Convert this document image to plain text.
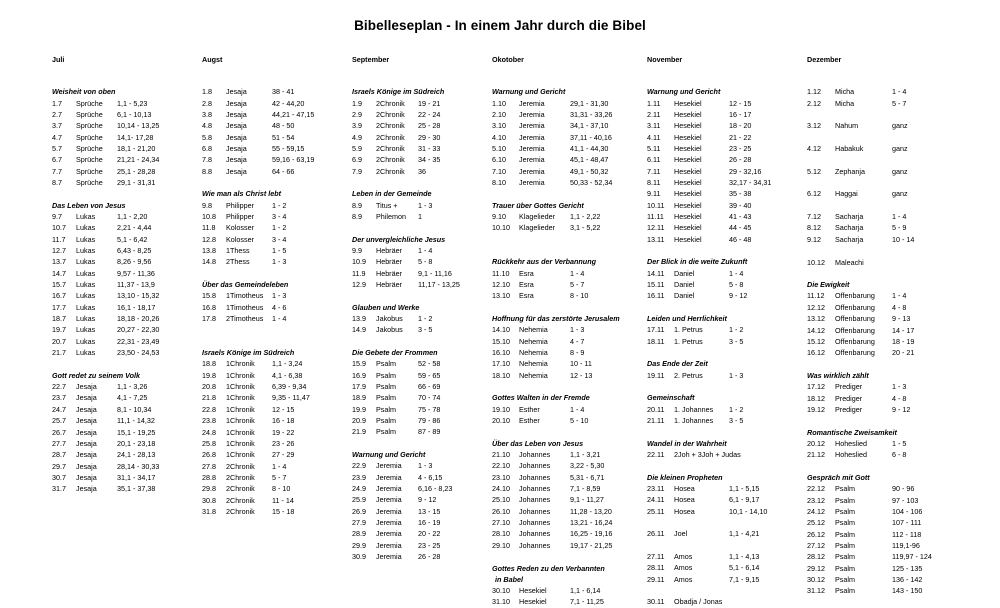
Bibelleseplan - In einem Jahr durch die Bibel
Juli
Weisheit von oben
1.7	Sprüche	1,1 - 5,23
2.7	Sprüche	6,1 - 10,13
3.7	Sprüche	10,14 - 13,25
4.7	Sprüche	14,1- 17,28
5.7	Sprüche	18,1 - 21,20
6.7	Sprüche	21,21 - 24,34
7.7	Sprüche	25,1 - 28,28
8.7	Sprüche	29,1 - 31,31
Das Leben von Jesus
9.7	Lukas	1,1 - 2,20
10.7	Lukas	2,21 - 4,44
11.7	Lukas	5,1 - 6,42
12.7	Lukas	6,43 - 8,25
13.7	Lukas	8,26 - 9,56
14.7	Lukas	9,57 - 11,36
15.7	Lukas	11,37 - 13,9
16.7	Lukas	13,10 - 15,32
17.7	Lukas	16,1 - 18,17
18.7	Lukas	18,18 - 20,26
19.7	Lukas	20,27 - 22,30
20.7	Lukas	22,31 - 23,49
21.7	Lukas	23,50 - 24,53
Gott redet zu seinem Volk
22.7	Jesaja	1,1 - 3,26
23.7	Jesaja	4,1 - 7,25
24.7	Jesaja	8,1 - 10,34
25.7	Jesaja	11,1 - 14,32
26.7	Jesaja	15,1 - 19,25
27.7	Jesaja	20,1 - 23,18
28.7	Jesaja	24,1 - 28,13
29.7	Jesaja	28,14 - 30,33
30.7	Jesaja	31,1 - 34,17
31.7	Jesaja	35,1 - 37,38
Augst
1.8	Jesaja	38 - 41
2.8	Jesaja	42 - 44,20
3.8	Jesaja	44,21 - 47,15
4.8	Jesaja	48 - 50
5.8	Jesaja	51 - 54
6.8	Jesaja	55 - 59,15
7.8	Jesaja	59,16 - 63,19
8.8	Jesaja	64 - 66
Wie man als Christ lebt
9.8	Philipper	1 - 2
10.8	Philipper	3 - 4
11.8	Kolosser	1 - 2
12.8	Kolosser	3 - 4
13.8	1Thess	1 - 5
14.8	2Thess	1 - 3
Über das Gemeindeleben
15.8	1Timotheus	1 - 3
16.8	1Timotheus	4 - 6
17.8	2Timotheus	1 - 4
Israels Könige im Südreich
18.8	1Chronik	1,1 - 3,24
19.8	1Chronik	4,1 - 6,38
20.8	1Chronik	6,39 - 9,34
21.8	1Chronik	9,35 - 11,47
22.8	1Chronik	12 - 15
23.8	1Chronik	16 - 18
24.8	1Chronik	19 - 22
25.8	1Chronik	23 - 26
26.8	1Chronik	27 - 29
27.8	2Chronik	1 - 4
28.8	2Chronik	5 - 7
29.8	2Chronik	8 - 10
30.8	2Chronik	11 - 14
31.8	2Chronik	15 - 18
September
Israels Könige im Südreich
1.9	2Chronik	19 - 21
2.9	2Chronik	22 - 24
3.9	2Chronik	25 - 28
4.9	2Chronik	29 - 30
5.9	2Chronik	31 - 33
6.9	2Chronik	34 - 35
7.9	2Chronik	36
Leben in der Gemeinde
8.9	Titus +	1 - 3
8.9	Philemon	1
Der unvergleichliche Jesus
9.9	Hebräer	1 - 4
10.9	Hebräer	5 - 8
11.9	Hebräer	9,1 - 11,16
12.9	Hebräer	11,17 - 13,25
Glauben und Werke
13.9	Jakobus	1 - 2
14.9	Jakobus	3 - 5
Die Gebete der Frommen
15.9	Psalm	52 - 58
16.9	Psalm	59 - 65
17.9	Psalm	66 - 69
18.9	Psalm	70 - 74
19.9	Psalm	75 - 78
20.9	Psalm	79 - 86
21.9	Psalm	87 - 89
Warnung und Gericht
22.9	Jeremia	1 - 3
23.9	Jeremia	4 - 6,15
24.9	Jeremia	6,16 - 8,23
25.9	Jeremia	9 - 12
26.9	Jeremia	13 - 15
27.9	Jeremia	16 - 19
28.9	Jeremia	20 - 22
29.9	Jeremia	23 - 25
30.9	Jeremia	26 - 28
Okotober
Warnung und Gericht
1.10	Jeremia	29,1 - 31,30
2.10	Jeremia	31,31 - 33,26
3.10	Jeremia	34,1 - 37,10
4.10	Jeremia	37,11 - 40,16
5.10	Jeremia	41,1 - 44,30
6.10	Jeremia	45,1 - 48,47
7.10	Jeremia	49,1 - 50,32
8.10	Jeremia	50,33 - 52,34
Trauer über Gottes Gericht
9.10	Klagelieder	1,1 - 2,22
10.10	Klagelieder	3,1 - 5,22
Rückkehr aus der Verbannung
11.10	Esra	1 - 4
12.10	Esra	5 - 7
13.10	Esra	8 - 10
Hoffnung für das zerstörte Jerusalem
14.10	Nehemia	1 - 3
15.10	Nehemia	4 - 7
16.10	Nehemia	8 - 9
17.10	Nehemia	10 - 11
18.10	Nehemia	12 - 13
Gottes Walten in der Fremde
19.10	Esther	1 - 4
20.10	Esther	5 - 10
Über das Leben von Jesus
21.10	Johannes	1,1 - 3,21
22.10	Johannes	3,22 - 5,30
23.10	Johannes	5,31 - 6,71
24.10	Johannes	7,1 - 8,59
25.10	Johannes	9,1 - 11,27
26.10	Johannes	11,28 - 13,20
27.10	Johannes	13,21 - 16,24
28.10	Johannes	16,25 - 19,16
29.10	Johannes	19,17 - 21,25
Gottes Reden zu den Verbannten
in Babel
30.10	Hesekiel	1,1 - 6,14
31.10	Hesekiel	7,1 - 11,25
November
Warnung und Gericht
1.11	Hesekiel	12 - 15
2.11	Hesekiel	16 - 17
3.11	Hesekiel	18 - 20
4.11	Hesekiel	21 - 22
5.11	Hesekiel	23 - 25
6.11	Hesekiel	26 - 28
7.11	Hesekiel	29 - 32,16
8.11	Hesekiel	32,17 - 34,31
9.11	Hesekiel	35 - 38
10.11	Hesekiel	39 - 40
11.11	Hesekiel	41 - 43
12.11	Hesekiel	44 - 45
13.11	Hesekiel	46 - 48
Der Blick in die weite Zukunft
14.11	Daniel	1 - 4
15.11	Daniel	5 - 8
16.11	Daniel	9 - 12
Leiden und Herrlichkeit
17.11	1. Petrus	1 - 2
18.11	1. Petrus	3 - 5
Das Ende der Zeit
19.11	2. Petrus	1 - 3
Gemeinschaft
20.11	1. Johannes	1 - 2
21.11	1. Johannes	3 - 5
Wandel in der Wahrheit
22.11	2Joh + 3Joh + Judas
Die kleinen Propheten
23.11	Hosea	1,1 - 5,15
24.11	Hosea	6,1 - 9,17
25.11	Hosea	10,1 - 14,10
26.11	Joel	1,1 - 4,21
27.11	Amos	1,1 - 4,13
28.11	Amos	5,1 - 6,14
29.11	Amos	7,1 - 9,15
30.11	Obadja / Jonas
Dezember
1.12	Micha	1 - 4
2.12	Micha	5 - 7
3.12	Nahum	ganz
4.12	Habakuk	ganz
5.12	Zephanja	ganz
6.12	Haggai	ganz
7.12	Sacharja	1 - 4
8.12	Sacharja	5 - 9
9.12	Sacharja	10 - 14
10.12	Maleachi
Die Ewigkeit
11.12	Offenbarung	1 - 4
12.12	Offenbarung	4 - 8
13.12	Offenbarung	9 - 13
14.12	Offenbarung	14 - 17
15.12	Offenbarung	18 - 19
16.12	Offenbarung	20 - 21
Was wirklich zählt
17.12	Prediger	1 - 3
18.12	Prediger	4 - 8
19.12	Prediger	9 - 12
Romantische Zweisamkeit
20.12	Hoheslied	1 - 5
21.12	Hoheslied	6 - 8
Gespräch mit Gott
22.12	Psalm	90 - 96
23.12	Psalm	97 - 103
24.12	Psalm	104 - 106
25.12	Psalm	107 - 111
26.12	Psalm	112 - 118
27.12	Psalm	119,1-96
28.12	Psalm	119,97 - 124
29.12	Psalm	125 - 135
30.12	Psalm	136 - 142
31.12	Psalm	143 - 150
